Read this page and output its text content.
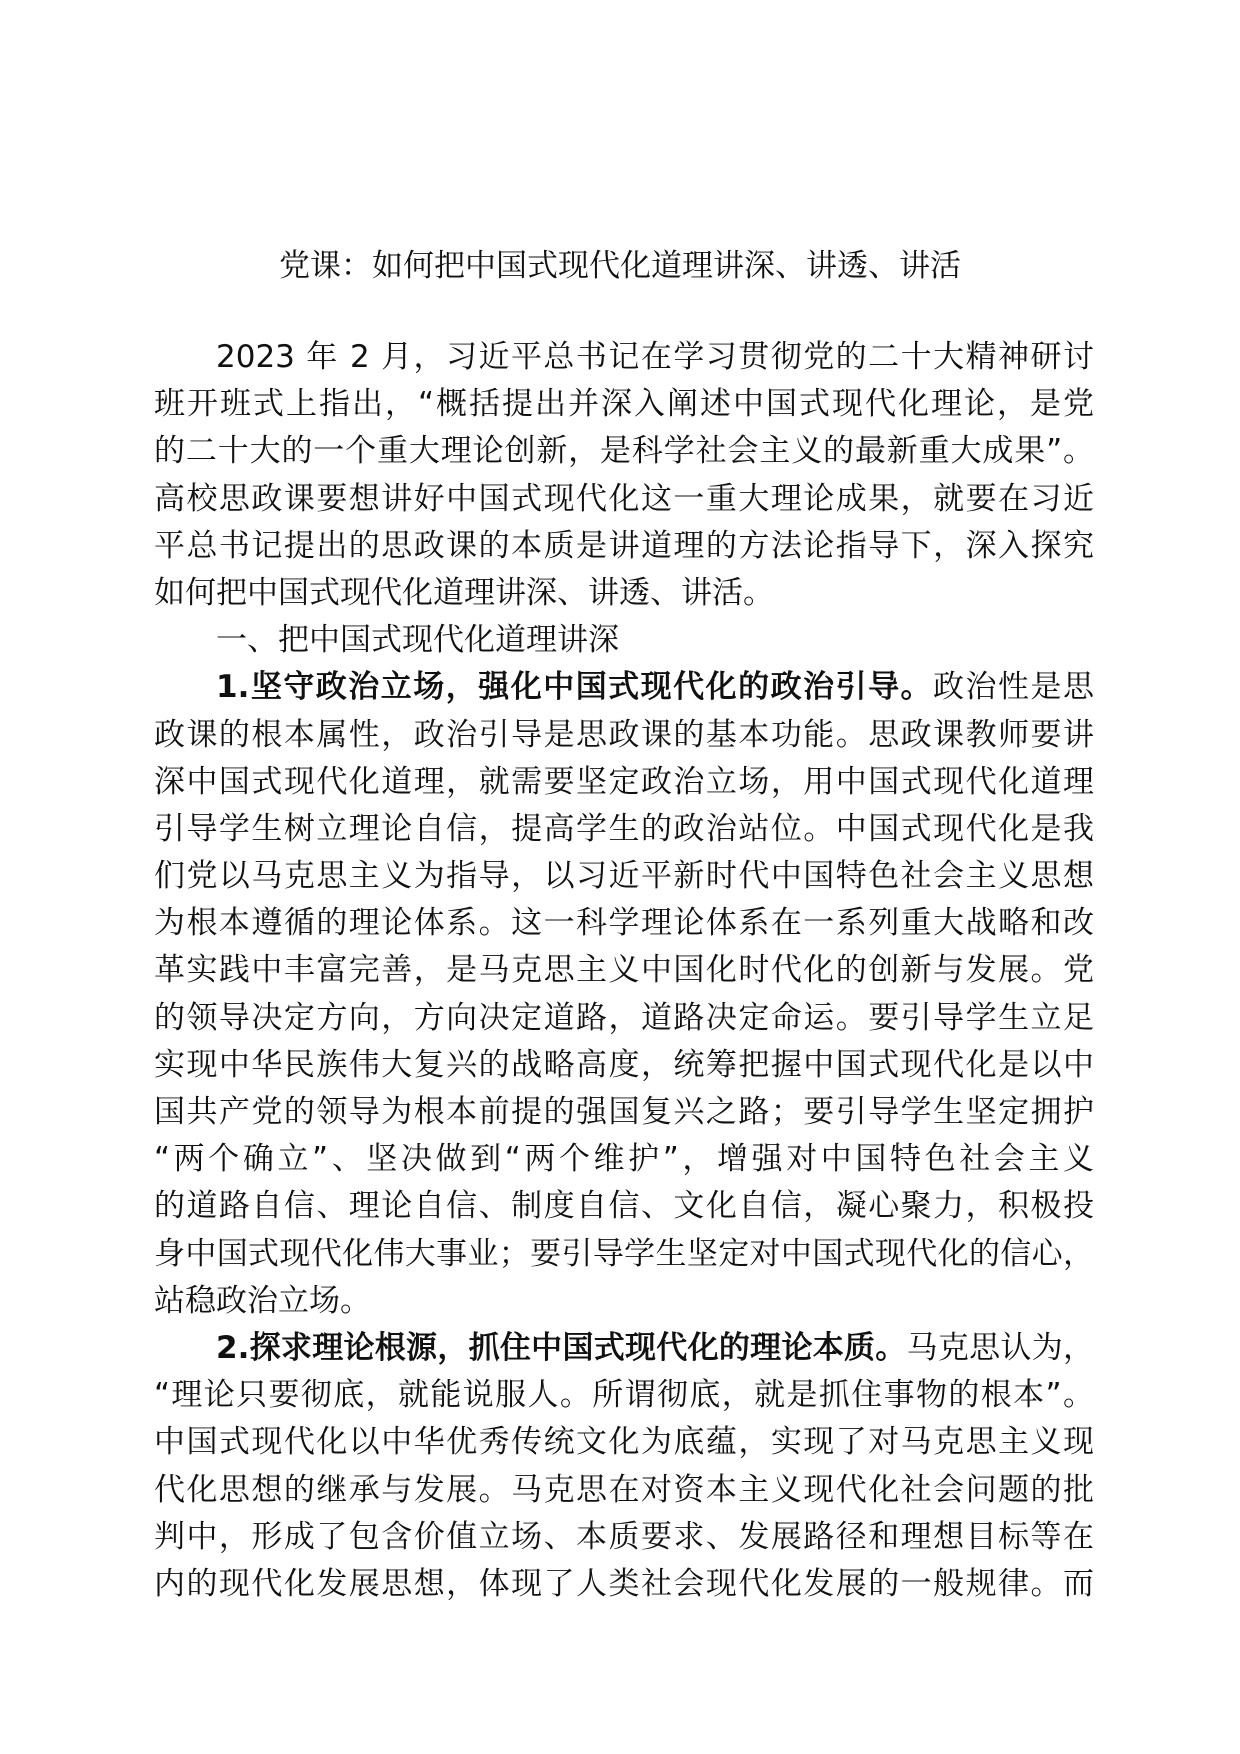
党课：如何把中国式现代化道理讲深、讲透、讲活
2023 年 2 月，习近平总书记在学习贯彻党的二十大精神研讨
班开班式上指出，“概括提出并深入阐述中国式现代化理论，是党
的二十大的一个重大理论创新，是科学社会主义的最新重大成果”。
高校思政课要想讲好中国式现代化这一重大理论成果，就要在习近
平总书记提出的思政课的本质是讲道理的方法论指导下，深入探究
如何把中国式现代化道理讲深、讲透、讲活。
一、把中国式现代化道理讲深
1.坚守政治立场，强化中国式现代化的政治引导。政治性是思
政课的根本属性，政治引导是思政课的基本功能。思政课教师要讲
深中国式现代化道理，就需要坚定政治立场，用中国式现代化道理
引导学生树立理论自信，提高学生的政治站位。中国式现代化是我
们党以马克思主义为指导，以习近平新时代中国特色社会主义思想
为根本遵循的理论体系。这一科学理论体系在一系列重大战略和改
革实践中丰富完善，是马克思主义中国化时代化的创新与发展。党
的领导决定方向，方向决定道路，道路决定命运。要引导学生立足
实现中华民族伟大复兴的战略高度，统筹把握中国式现代化是以中
国共产党的领导为根本前提的强国复兴之路；要引导学生坚定拥护
“两个确立”、坚决做到“两个维护”，增强对中国特色社会主义
的道路自信、理论自信、制度自信、文化自信，凝心聚力，积极投
身中国式现代化伟大事业；要引导学生坚定对中国式现代化的信心，
站稳政治立场。
2.探求理论根源，抓住中国式现代化的理论本质。马克思认为，
“理论只要彻底，就能说服人。所谓彻底，就是抓住事物的根本”。
中国式现代化以中华优秀传统文化为底蕴，实现了对马克思主义现
代化思想的继承与发展。马克思在对资本主义现代化社会问题的批
判中，形成了包含价值立场、本质要求、发展路径和理想目标等在
内的现代化发展思想，体现了人类社会现代化发展的一般规律。而
